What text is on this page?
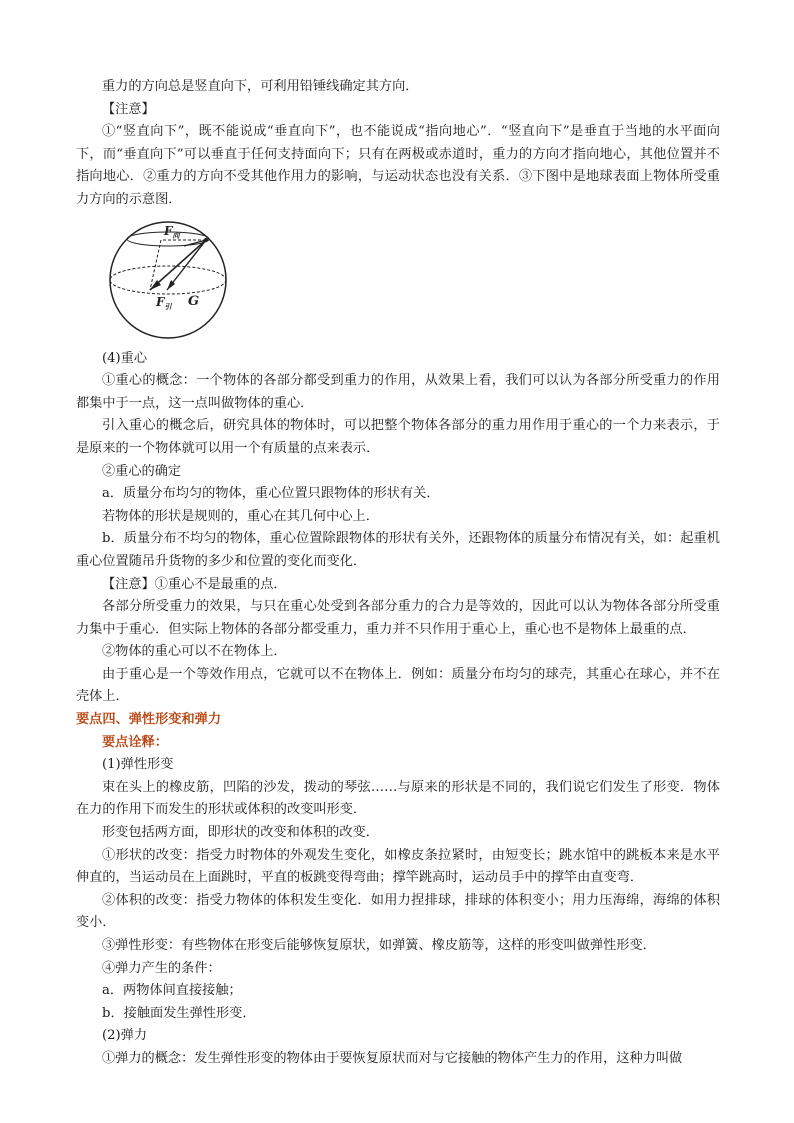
重力的方向总是竖直向下，可利用铅锤线确定其方向．

【注意】

①“竖直向下”，既不能说成“垂直向下”，也不能说成“指向地心”．“竖直向下”是垂直于当地的水平面向下，而“垂直向下”可以垂直于任何支持面向下；只有在两极或赤道时，重力的方向才指向地心，其他位置并不指向地心．②重力的方向不受其他作用力的影响，与运动状态也没有关系．③下图中是地球表面上物体所受重力方向的示意图．

$F_向$
$F_引$ G

(4)重心

①重心的概念：一个物体的各部分都受到重力的作用，从效果上看，我们可以认为各部分所受重力的作用都集中于一点，这一点叫做物体的重心．

引入重心的概念后，研究具体的物体时，可以把整个物体各部分的重力用作用于重心的一个力来表示，于是原来的一个物体就可以用一个有质量的点来表示．

②重心的确定

a．质量分布均匀的物体，重心位置只跟物体的形状有关．

若物体的形状是规则的，重心在其几何中心上．

b．质量分布不均匀的物体，重心位置除跟物体的形状有关外，还跟物体的质量分布情况有关，如：起重机重心位置随吊升货物的多少和位置的变化而变化．

【注意】①重心不是最重的点．

各部分所受重力的效果，与只在重心处受到各部分重力的合力是等效的，因此可以认为物体各部分所受重力集中于重心．但实际上物体的各部分都受重力，重力并不只作用于重心上，重心也不是物体上最重的点．

②物体的重心可以不在物体上．

由于重心是一个等效作用点，它就可以不在物体上．例如：质量分布均匀的球壳，其重心在球心，并不在壳体上．

要点四、弹性形变和弹力

要点诠释：

(1)弹性形变

束在头上的橡皮筋，凹陷的沙发，拨动的琴弦……与原来的形状是不同的，我们说它们发生了形变．物体在力的作用下而发生的形状或体积的改变叫形变．

形变包括两方面，即形状的改变和体积的改变．

①形状的改变：指受力时物体的外观发生变化，如橡皮条拉紧时，由短变长；跳水馆中的跳板本来是水平伸直的，当运动员在上面跳时，平直的板跳变得弯曲；撑竿跳高时，运动员手中的撑竿由直变弯．

②体积的改变：指受力物体的体积发生变化．如用力捏排球，排球的体积变小；用力压海绵，海绵的体积变小．

③弹性形变：有些物体在形变后能够恢复原状，如弹簧、橡皮筋等，这样的形变叫做弹性形变．

④弹力产生的条件：

a．两物体间直接接触；

b．接触面发生弹性形变．

(2)弹力

①弹力的概念：发生弹性形变的物体由于要恢复原状而对与它接触的物体产生力的作用，这种力叫做
